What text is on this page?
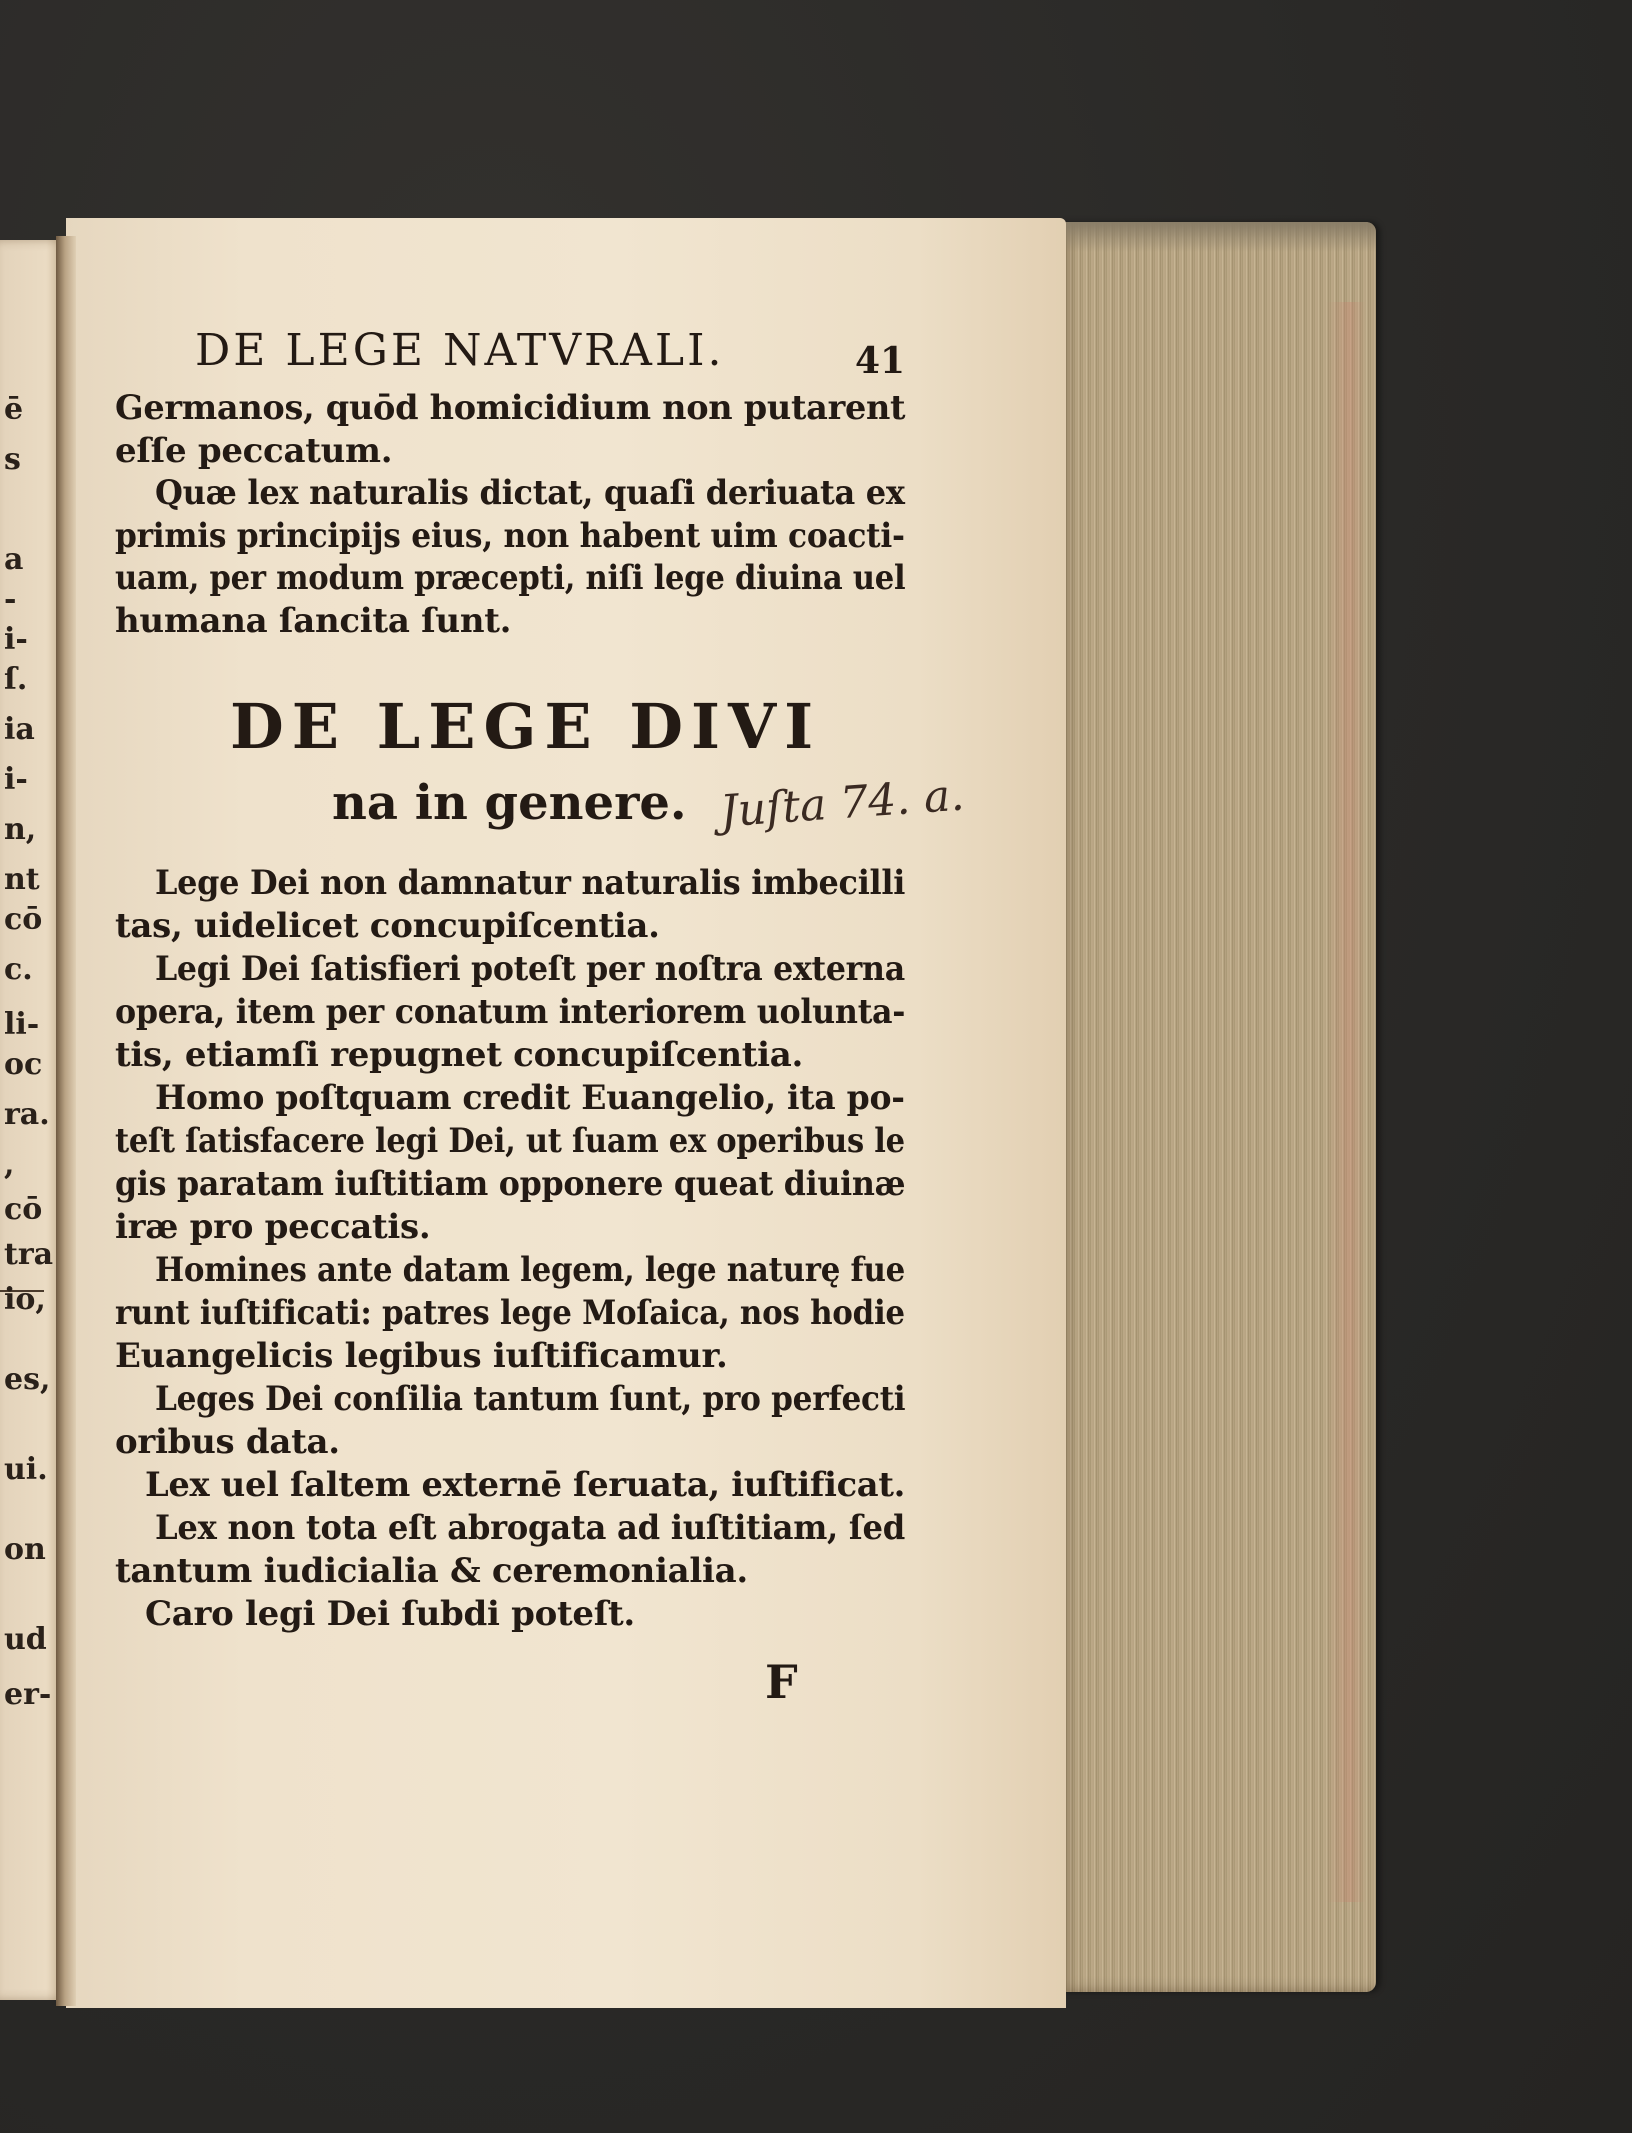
ē
s
a
-
i-
ſ.
ia
i-
n,
nt
cō
c.
li-
oc
ra.
,
cō
tra
io,
es,
ui.
on
ud
er-
DE LEGE NATVRALI.	41
Germanos, quōd homicidium non putarent
eſſe peccatum.
Quæ lex naturalis dictat, quaſi deriuata ex
primis principijs eius, non habent uim coacti-
uam, per modum præcepti, niſi lege diuina uel
humana ſancita ſunt.
DE LEGE DIVI
na in genere. Juſta 74. a.
Lege Dei non damnatur naturalis imbecilli
tas, uidelicet concupiſcentia.
Legi Dei ſatisfieri poteſt per noſtra externa
opera, item per conatum interiorem uolunta-
tis, etiamſi repugnet concupiſcentia.
Homo poſtquam credit Euangelio, ita po-
teſt ſatisfacere legi Dei, ut ſuam ex operibus le
gis paratam iuſtitiam opponere queat diuinæ
iræ pro peccatis.
Homines ante datam legem, lege naturę fue
runt iuſtificati: patres lege Moſaica, nos hodie
Euangelicis legibus iuſtificamur.
Leges Dei conſilia tantum ſunt, pro perfecti
oribus data.
Lex uel ſaltem externē ſeruata, iuſtificat.
Lex non tota eſt abrogata ad iuſtitiam, ſed
tantum iudicialia & ceremonialia.
Caro legi Dei ſubdi poteſt.
F
